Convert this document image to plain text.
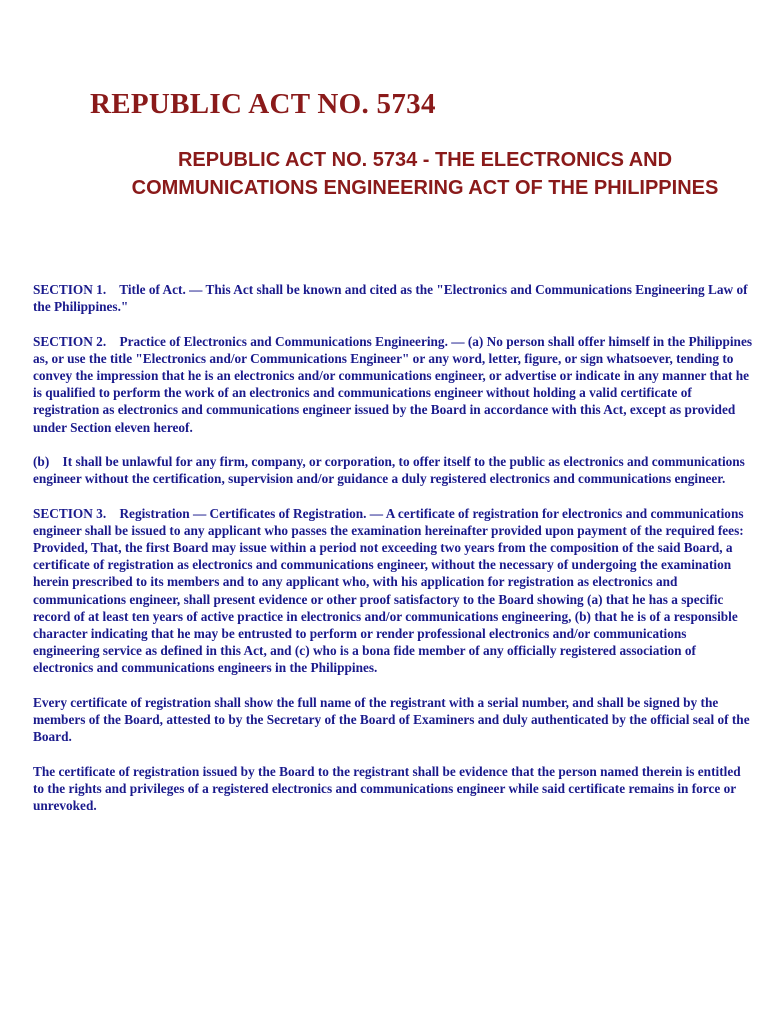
REPUBLIC ACT NO. 5734
REPUBLIC ACT NO. 5734 - THE ELECTRONICS AND COMMUNICATIONS ENGINEERING ACT OF THE PHILIPPINES

SECTION 1.    Title of Act. — This Act shall be known and cited as the "Electronics and Communications Engineering Law of the Philippines."

SECTION 2.    Practice of Electronics and Communications Engineering. — (a) No person shall offer himself in the Philippines as, or use the title "Electronics and/or Communications Engineer" or any word, letter, figure, or sign whatsoever, tending to convey the impression that he is an electronics and/or communications engineer, or advertise or indicate in any manner that he is qualified to perform the work of an electronics and communications engineer without holding a valid certificate of registration as electronics and communications engineer issued by the Board in accordance with this Act, except as provided under Section eleven hereof.

(b)    It shall be unlawful for any firm, company, or corporation, to offer itself to the public as electronics and communications engineer without the certification, supervision and/or guidance a duly registered electronics and communications engineer.

SECTION 3.    Registration — Certificates of Registration. — A certificate of registration for electronics and communications engineer shall be issued to any applicant who passes the examination hereinafter provided upon payment of the required fees: Provided, That, the first Board may issue within a period not exceeding two years from the composition of the said Board, a certificate of registration as electronics and communications engineer, without the necessary of undergoing the examination herein prescribed to its members and to any applicant who, with his application for registration as electronics and communications engineer, shall present evidence or other proof satisfactory to the Board showing (a) that he has a specific record of at least ten years of active practice in electronics and/or communications engineering, (b) that he is of a responsible character indicating that he may be entrusted to perform or render professional electronics and/or communications engineering service as defined in this Act, and (c) who is a bona fide member of any officially registered association of electronics and communications engineers in the Philippines.

Every certificate of registration shall show the full name of the registrant with a serial number, and shall be signed by the members of the Board, attested to by the Secretary of the Board of Examiners and duly authenticated by the official seal of the Board.

The certificate of registration issued by the Board to the registrant shall be evidence that the person named therein is entitled to the rights and privileges of a registered electronics and communications engineer while said certificate remains in force or unrevoked.
